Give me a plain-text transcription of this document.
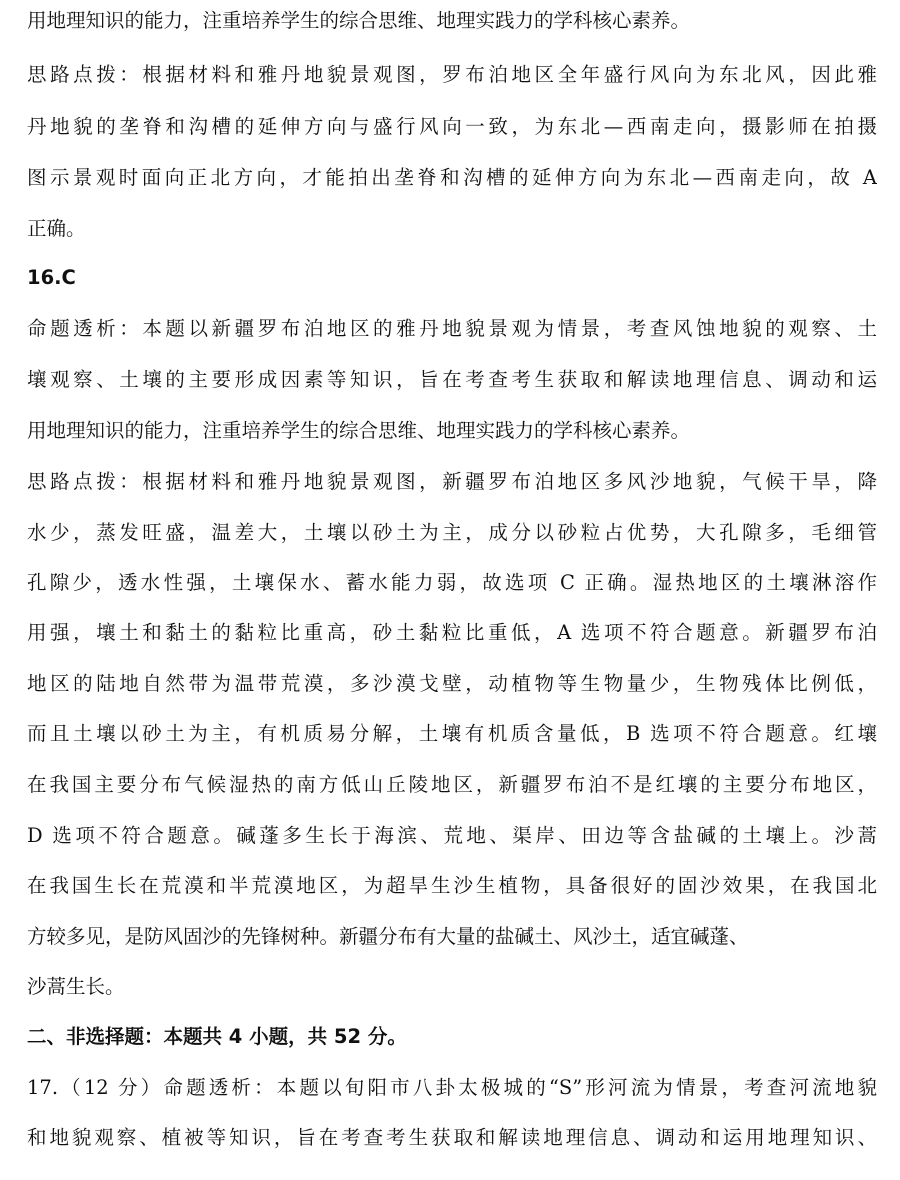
用地理知识的能力，注重培养学生的综合思维、地理实践力的学科核心素养。
思路点拨：根据材料和雅丹地貌景观图，罗布泊地区全年盛行风向为东北风，因此雅
丹地貌的垄脊和沟槽的延伸方向与盛行风向一致，为东北—西南走向，摄影师在拍摄
图示景观时面向正北方向，才能拍出垄脊和沟槽的延伸方向为东北—西南走向，故 A
正确。
16.C
命题透析：本题以新疆罗布泊地区的雅丹地貌景观为情景，考查风蚀地貌的观察、土
壤观察、土壤的主要形成因素等知识，旨在考查考生获取和解读地理信息、调动和运
用地理知识的能力，注重培养学生的综合思维、地理实践力的学科核心素养。
思路点拨：根据材料和雅丹地貌景观图，新疆罗布泊地区多风沙地貌，气候干旱，降
水少，蒸发旺盛，温差大，土壤以砂土为主，成分以砂粒占优势，大孔隙多，毛细管
孔隙少，透水性强，土壤保水、蓄水能力弱，故选项 C 正确。湿热地区的土壤淋溶作
用强，壤土和黏土的黏粒比重高，砂土黏粒比重低，A 选项不符合题意。新疆罗布泊
地区的陆地自然带为温带荒漠，多沙漠戈壁，动植物等生物量少，生物残体比例低，
而且土壤以砂土为主，有机质易分解，土壤有机质含量低，B 选项不符合题意。红壤
在我国主要分布气候湿热的南方低山丘陵地区，新疆罗布泊不是红壤的主要分布地区，
D 选项不符合题意。碱蓬多生长于海滨、荒地、渠岸、田边等含盐碱的土壤上。沙蒿
在我国生长在荒漠和半荒漠地区，为超旱生沙生植物，具备很好的固沙效果，在我国北
方较多见，是防风固沙的先锋树种。新疆分布有大量的盐碱土、风沙土，适宜碱蓬、
沙蒿生长。
二、非选择题：本题共 4 小题，共 52 分。
17.（12 分）命题透析：本题以旬阳市八卦太极城的“S”形河流为情景，考查河流地貌
和地貌观察、植被等知识，旨在考查考生获取和解读地理信息、调动和运用地理知识、
